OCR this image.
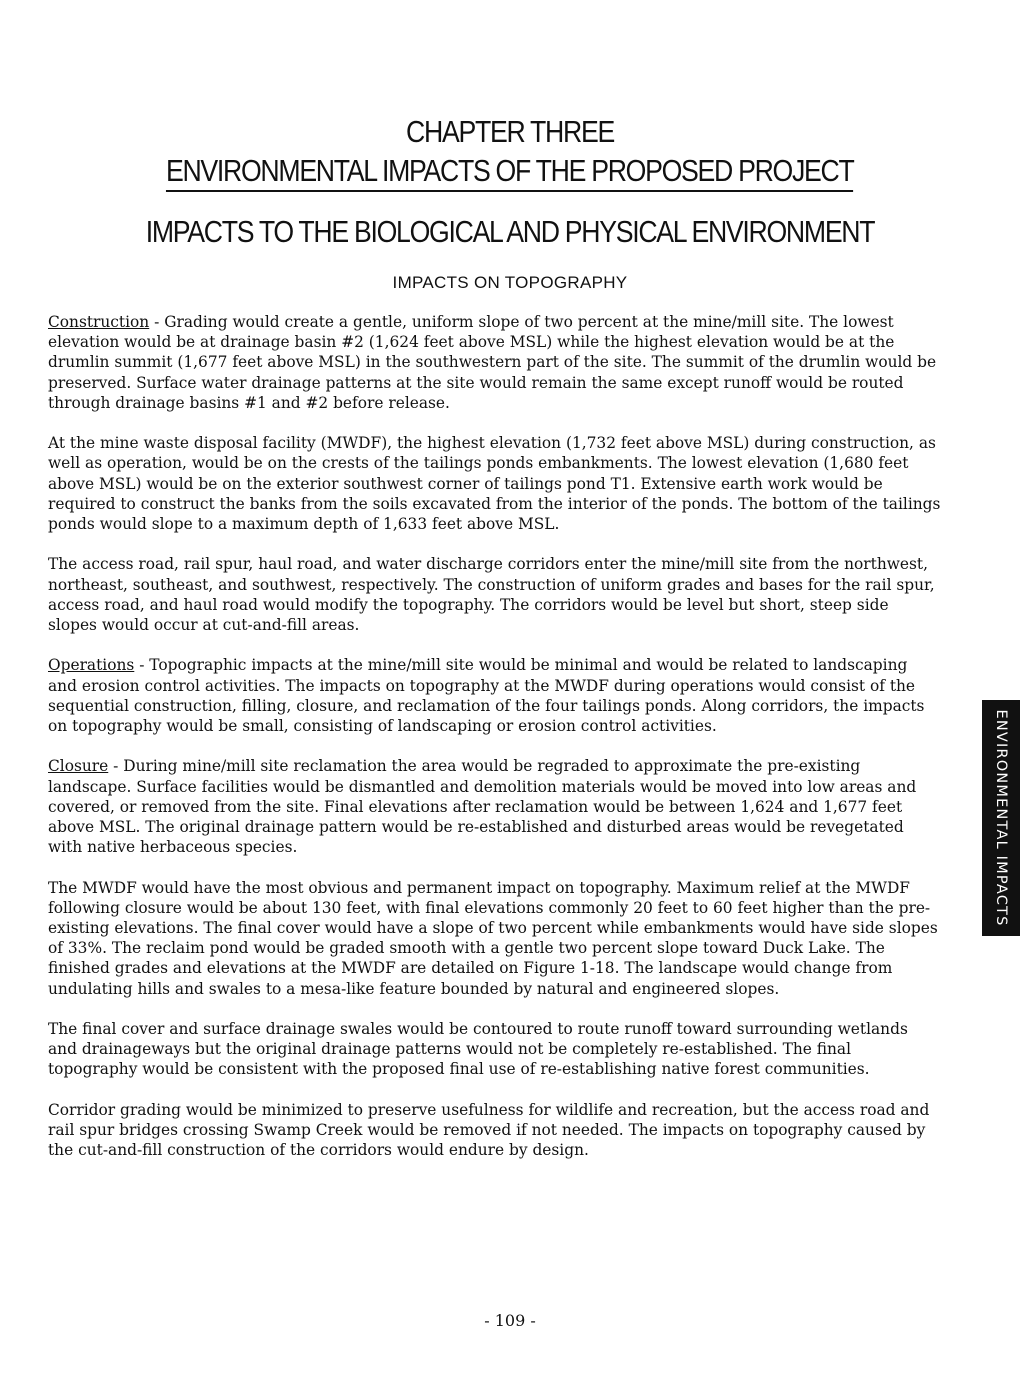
CHAPTER THREE
ENVIRONMENTAL IMPACTS OF THE PROPOSED PROJECT
IMPACTS TO THE BIOLOGICAL AND PHYSICAL ENVIRONMENT
IMPACTS ON TOPOGRAPHY

Construction - Grading would create a gentle, uniform slope of two percent at the mine/mill site. The lowest elevation would be at drainage basin #2 (1,624 feet above MSL) while the highest elevation would be at the drumlin summit (1,677 feet above MSL) in the southwestern part of the site. The summit of the drumlin would be preserved. Surface water drainage patterns at the site would remain the same except runoff would be routed through drainage basins #1 and #2 before release.

At the mine waste disposal facility (MWDF), the highest elevation (1,732 feet above MSL) during construction, as well as operation, would be on the crests of the tailings ponds embankments. The lowest elevation (1,680 feet above MSL) would be on the exterior southwest corner of tailings pond T1. Extensive earth work would be required to construct the banks from the soils excavated from the interior of the ponds. The bottom of the tailings ponds would slope to a maximum depth of 1,633 feet above MSL.

The access road, rail spur, haul road, and water discharge corridors enter the mine/mill site from the northwest, northeast, southeast, and southwest, respectively. The construction of uniform grades and bases for the rail spur, access road, and haul road would modify the topography. The corridors would be level but short, steep side slopes would occur at cut-and-fill areas.

Operations - Topographic impacts at the mine/mill site would be minimal and would be related to landscaping and erosion control activities. The impacts on topography at the MWDF during operations would consist of the sequential construction, filling, closure, and reclamation of the four tailings ponds. Along corridors, the impacts on topography would be small, consisting of landscaping or erosion control activities.

Closure - During mine/mill site reclamation the area would be regraded to approximate the pre-existing landscape. Surface facilities would be dismantled and demolition materials would be moved into low areas and covered, or removed from the site. Final elevations after reclamation would be between 1,624 and 1,677 feet above MSL. The original drainage pattern would be re-established and disturbed areas would be revegetated with native herbaceous species.

The MWDF would have the most obvious and permanent impact on topography. Maximum relief at the MWDF following closure would be about 130 feet, with final elevations commonly 20 feet to 60 feet higher than the pre-existing elevations. The final cover would have a slope of two percent while embankments would have side slopes of 33%. The reclaim pond would be graded smooth with a gentle two percent slope toward Duck Lake. The finished grades and elevations at the MWDF are detailed on Figure 1-18. The landscape would change from undulating hills and swales to a mesa-like feature bounded by natural and engineered slopes.

The final cover and surface drainage swales would be contoured to route runoff toward surrounding wetlands and drainageways but the original drainage patterns would not be completely re-established. The final topography would be consistent with the proposed final use of re-establishing native forest communities.

Corridor grading would be minimized to preserve usefulness for wildlife and recreation, but the access road and rail spur bridges crossing Swamp Creek would be removed if not needed. The impacts on topography caused by the cut-and-fill construction of the corridors would endure by design.

- 109 -
ENVIRONMENTAL IMPACTS
